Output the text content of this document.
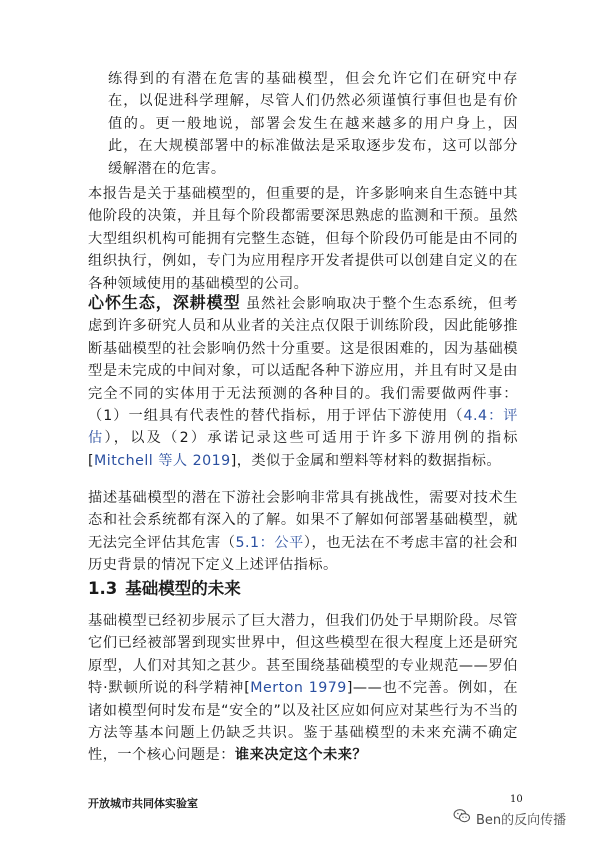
练得到的有潜在危害的基础模型，但会允许它们在研究中存在，以促进科学理解，尽管人们仍然必须谨慎行事但也是有价值的。更一般地说，部署会发生在越来越多的用户身上，因此，在大规模部署中的标准做法是采取逐步发布，这可以部分缓解潜在的危害。
本报告是关于基础模型的，但重要的是，许多影响来自生态链中其他阶段的决策，并且每个阶段都需要深思熟虑的监测和干预。虽然大型组织机构可能拥有完整生态链，但每个阶段仍可能是由不同的组织执行，例如，专门为应用程序开发者提供可以创建自定义的在各种领域使用的基础模型的公司。
心怀生态，深耕模型 虽然社会影响取决于整个生态系统，但考虑到许多研究人员和从业者的关注点仅限于训练阶段，因此能够推断基础模型的社会影响仍然十分重要。这是很困难的，因为基础模型是未完成的中间对象，可以适配各种下游应用，并且有时又是由完全不同的实体用于无法预测的各种目的。我们需要做两件事：（1）一组具有代表性的替代指标，用于评估下游使用（4.4：评估），以及（2）承诺记录这些可适用于许多下游用例的指标[Mitchell 等人 2019]，类似于金属和塑料等材料的数据指标。
描述基础模型的潜在下游社会影响非常具有挑战性，需要对技术生态和社会系统都有深入的了解。如果不了解如何部署基础模型，就无法完全评估其危害（5.1：公平），也无法在不考虑丰富的社会和历史背景的情况下定义上述评估指标。
1.3 基础模型的未来
基础模型已经初步展示了巨大潜力，但我们仍处于早期阶段。尽管它们已经被部署到现实世界中，但这些模型在很大程度上还是研究原型，人们对其知之甚少。甚至围绕基础模型的专业规范——罗伯特·默顿所说的科学精神[Merton 1979]——也不完善。例如，在诸如模型何时发布是“安全的”以及社区应如何应对某些行为不当的方法等基本问题上仍缺乏共识。鉴于基础模型的未来充满不确定性，一个核心问题是：谁来决定这个未来？
开放城市共同体实验室	10
Ben的反向传播
